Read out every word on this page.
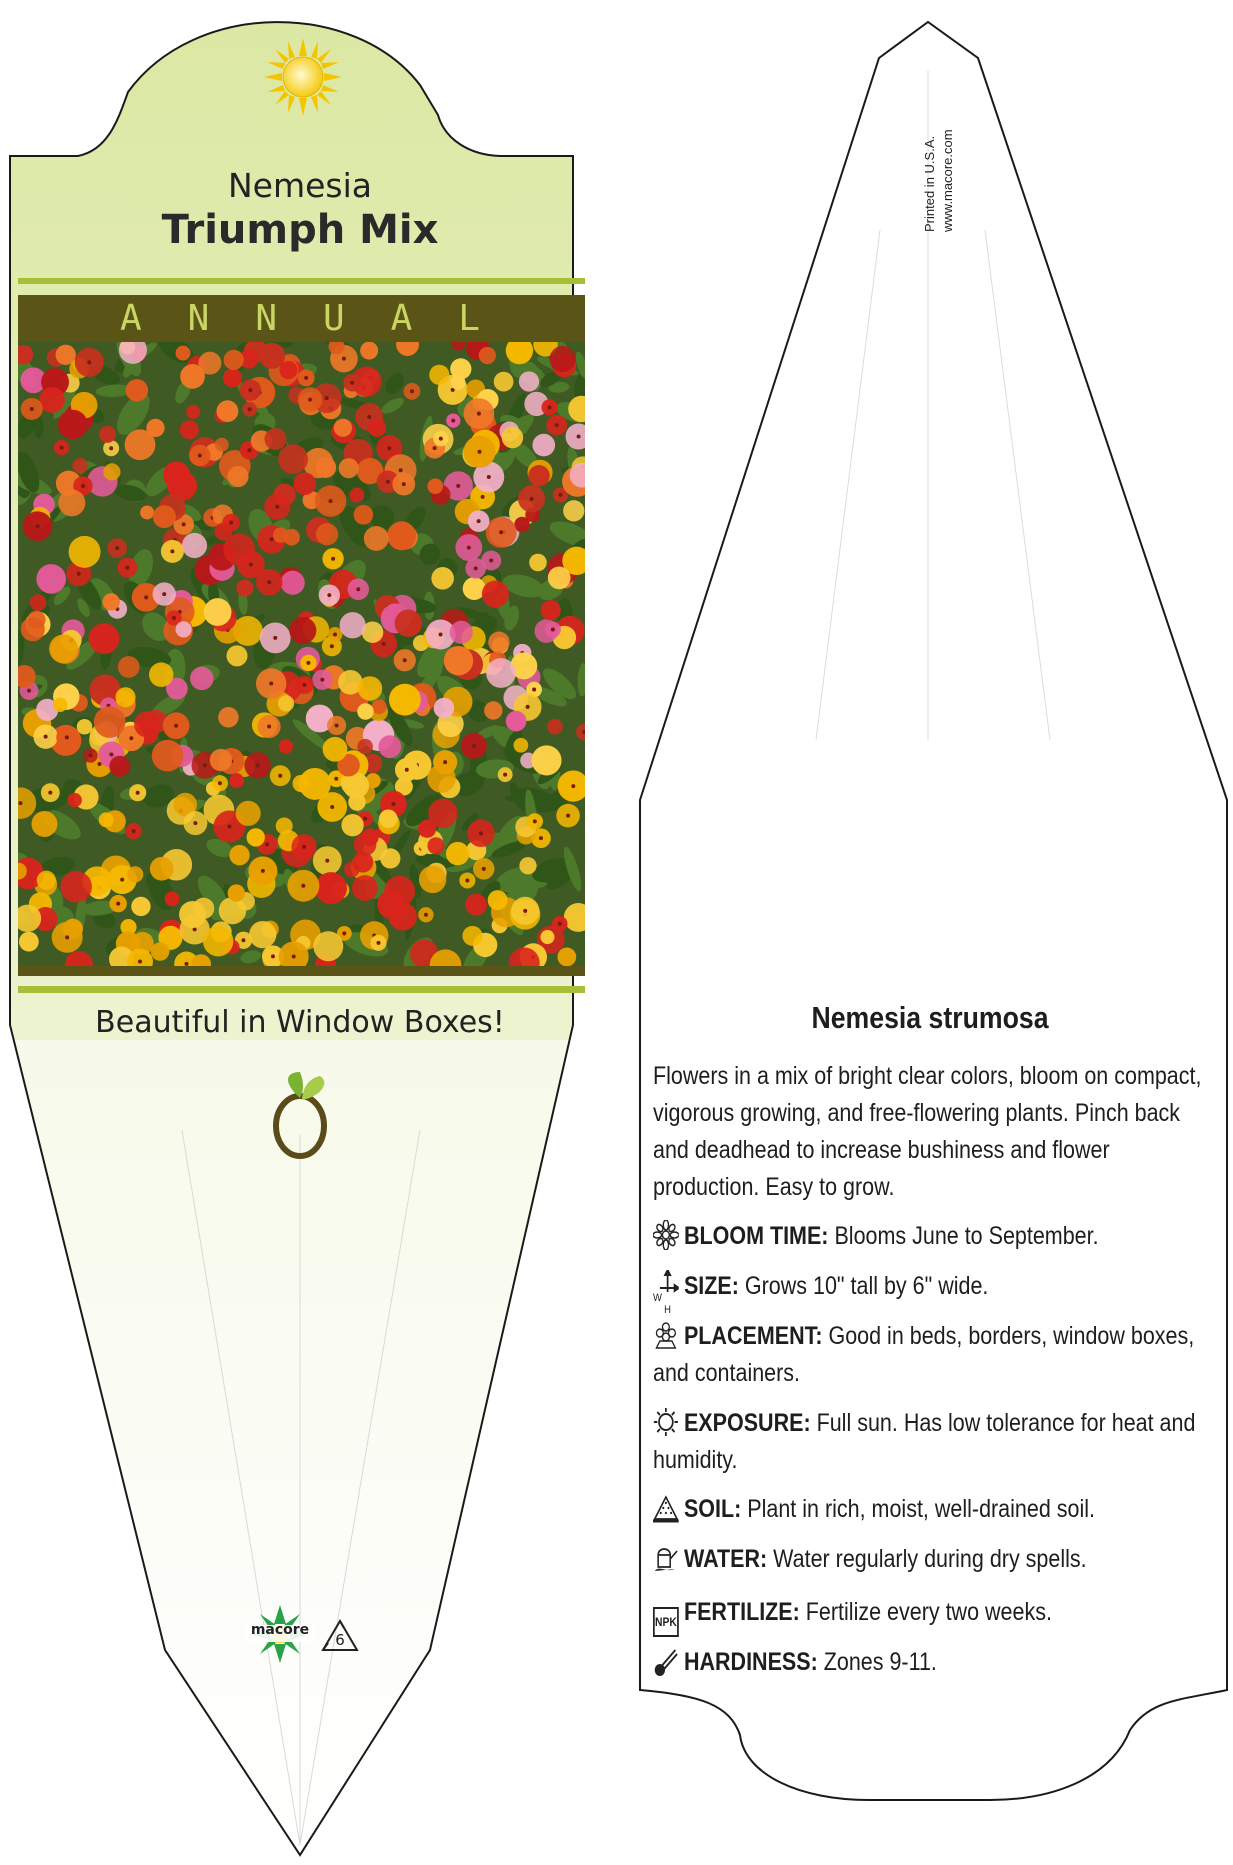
Nemesia
Triumph Mix
A N N U A L
Beautiful in Window Boxes!
macore
6
Printed in U.S.A. www.macore.com
Nemesia strumosa
Flowers in a mix of bright clear colors, bloom on compact, vigorous growing, and free-flowering plants. Pinch back and deadhead to increase bushiness and flower production. Easy to grow.
BLOOM TIME: Blooms June to September.
W
H
SIZE: Grows 10" tall by 6" wide.
PLACEMENT: Good in beds, borders, window boxes, and containers.
EXPOSURE: Full sun. Has low tolerance for heat and humidity.
SOIL: Plant in rich, moist, well-drained soil.
WATER: Water regularly during dry spells.
NPK FERTILIZE: Fertilize every two weeks.
HARDINESS: Zones 9-11.
